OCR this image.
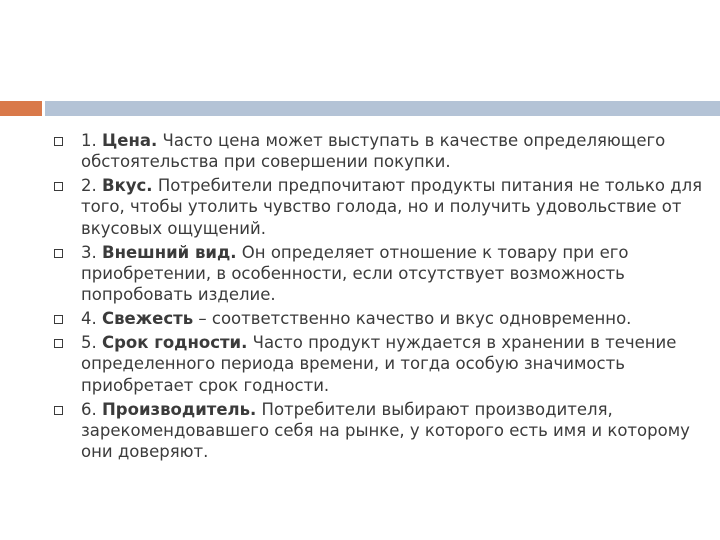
1. Цена. Часто цена может выступать в качестве определяющего обстоятельства при совершении покупки.
2. Вкус. Потребители предпочитают продукты питания не только для того, чтобы утолить чувство голода, но и получить удовольствие от вкусовых ощущений.
3. Внешний вид. Он определяет отношение к товару при его приобретении, в особенности, если отсутствует возможность попробовать изделие.
4. Свежесть – соответственно качество и вкус одновременно.
5. Срок годности. Часто продукт нуждается в хранении в течение определенного периода времени, и тогда особую значимость приобретает срок годности.
6. Производитель. Потребители выбирают производителя, зарекомендовавшего себя на рынке, у которого есть имя и которому они доверяют.
